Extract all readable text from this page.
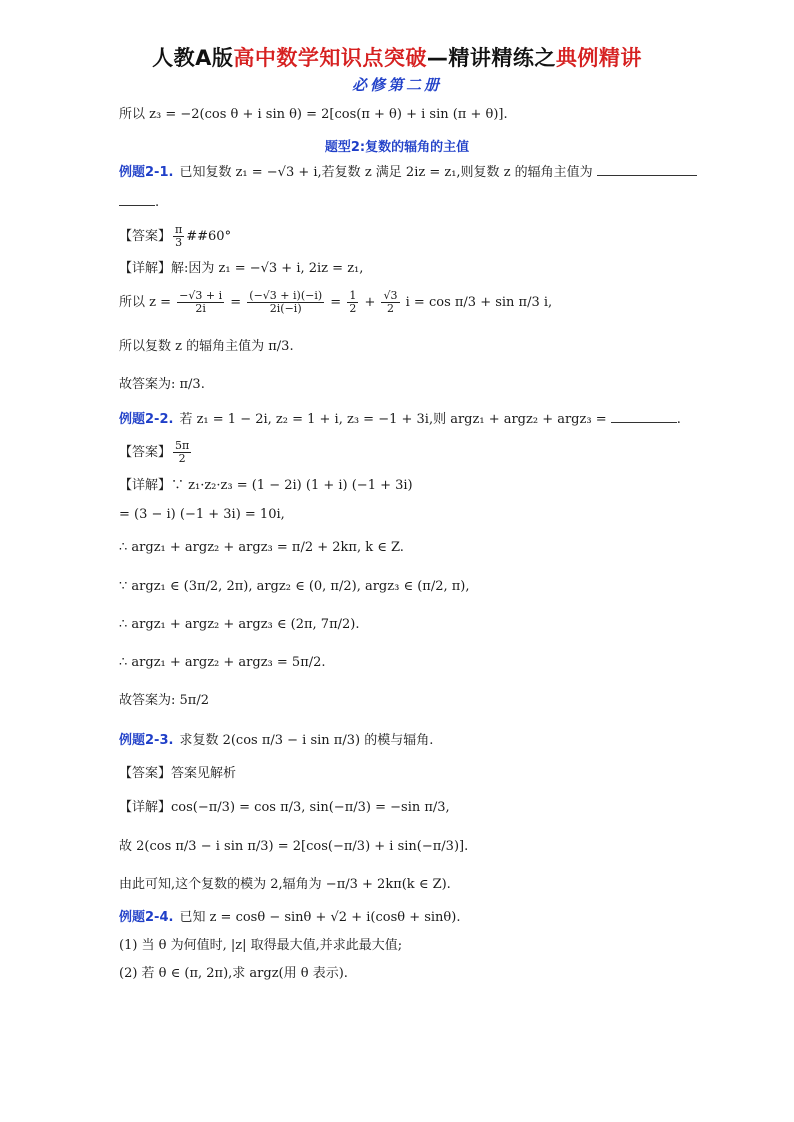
人教A版高中数学知识点突破—精讲精练之典例精讲
必修第二册
所以 z₃ = −2(cos θ + i sin θ) = 2[cos(π + θ) + i sin (π + θ)].
题型2:复数的辐角的主值
例题2-1. 已知复数 z₁ = −√3 + i,若复数 z 满足 2iz = z₁,则复数 z 的辐角主值为
.
【答案】 $\frac{\pi}{3}$ ##60°
【详解】解:因为 z₁ = −√3 + i, 2iz = z₁,
所以 $z = \frac{-√3 + i}{2i} = \frac{(-√3 + i)(-i)}{2i(-i)} = \frac{1}{2} + \frac{√3}{2}$ i = cos π/3 + sin π/3 i,
所以复数 z 的辐角主值为 π/3.
故答案为: π/3.
例题2-2. 若 z₁ = 1 − 2i, z₂ = 1 + i, z₃ = −1 + 3i,则 argz₁ + argz₂ + argz₃ =	.
【答案】 $\frac{5\pi}{2}$
【详解】∵ z₁·z₂·z₃ = (1 − 2i) (1 + i) (−1 + 3i)
= (3 − i) (−1 + 3i) = 10i,
∴ argz₁ + argz₂ + argz₃ = π/2 + 2kπ, k ∈ Z.
∵ argz₁ ∈ (3π/2, 2π), argz₂ ∈ (0, π/2), argz₃ ∈ (π/2, π),
∴ argz₁ + argz₂ + argz₃ ∈ (2π, 7π/2).
∴ argz₁ + argz₂ + argz₃ = 5π/2.
故答案为: 5π/2
例题2-3. 求复数 2(cos π/3 − i sin π/3) 的模与辐角.
【答案】答案见解析
【详解】cos(−π/3) = cos π/3, sin(−π/3) = −sin π/3,
故 2(cos π/3 − i sin π/3) = 2[cos(−π/3) + i sin(−π/3)].
由此可知,这个复数的模为 2,辐角为 −π/3 + 2kπ(k ∈ Z).
例题2-4. 已知 z = cosθ − sinθ + √2 + i(cosθ + sinθ).
(1) 当 θ 为何值时, |z| 取得最大值,并求此最大值;
(2) 若 θ ∈ (π, 2π),求 argz(用 θ 表示).
